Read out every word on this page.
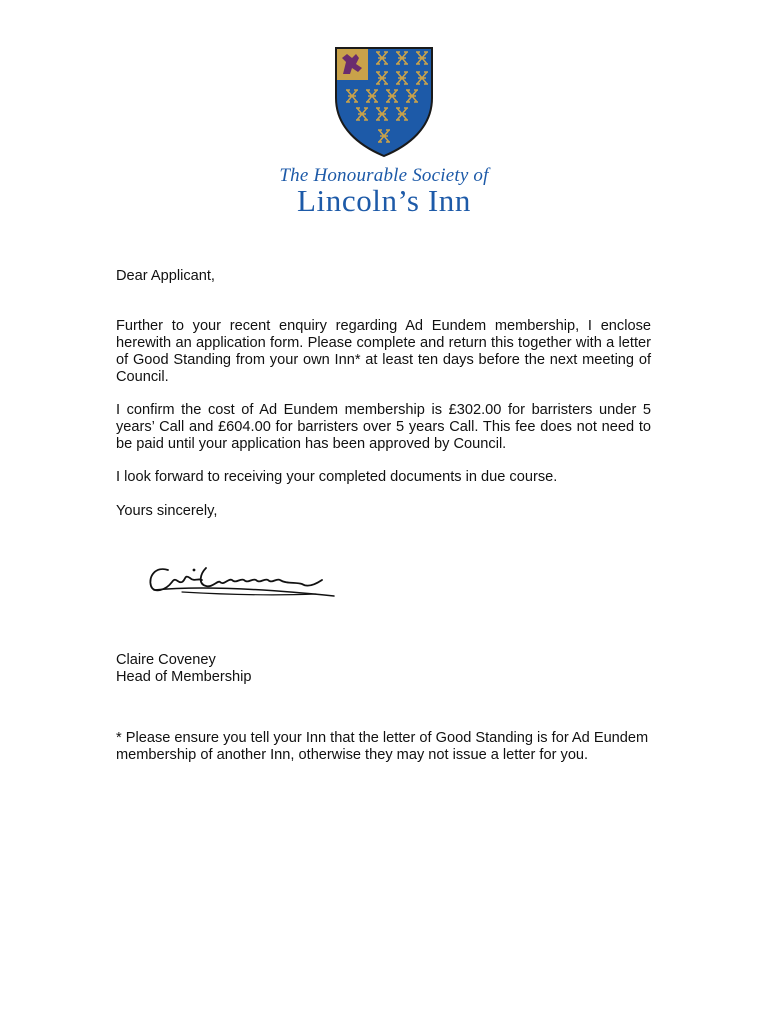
The Honourable Society of
Lincoln’s Inn
Dear Applicant,
Further to your recent enquiry regarding Ad Eundem membership, I enclose herewith an application form. Please complete and return this together with a letter of Good Standing from your own Inn* at least ten days before the next meeting of Council.
I confirm the cost of Ad Eundem membership is £302.00 for barristers under 5 years’ Call and £604.00 for barristers over 5 years Call. This fee does not need to be paid until your application has been approved by Council.
I look forward to receiving your completed documents in due course.
Yours sincerely,
Claire Coveney
Head of Membership
* Please ensure you tell your Inn that the letter of Good Standing is for Ad Eundem membership of another Inn, otherwise they may not issue a letter for you.
